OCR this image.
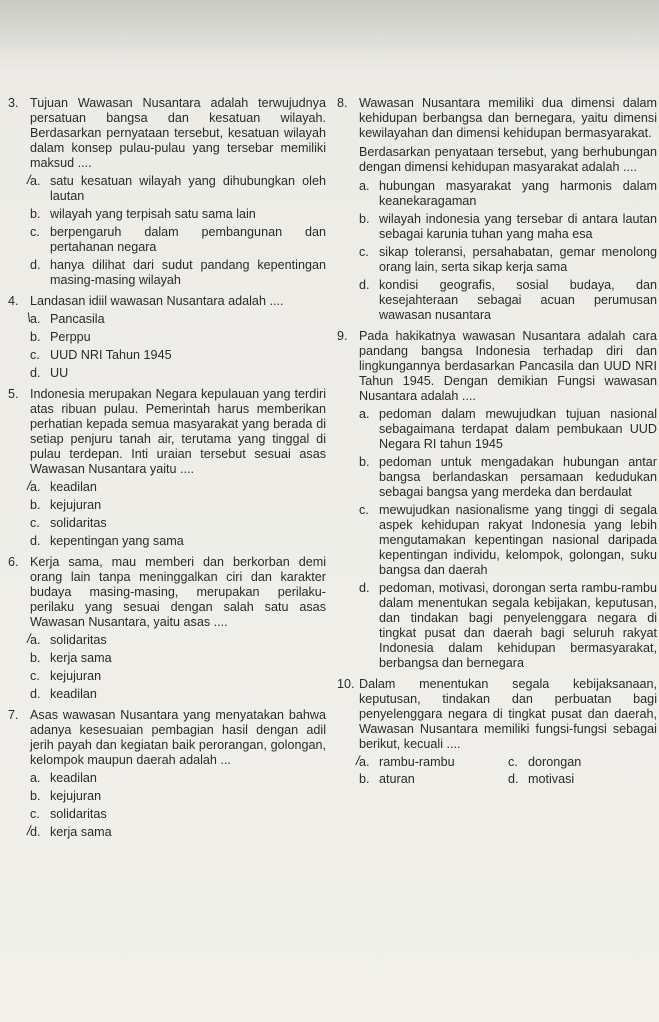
3. Tujuan Wawasan Nusantara adalah terwujudnya persatuan bangsa dan kesatuan wilayah. Berdasarkan pernyataan tersebut, kesatuan wilayah dalam konsep pulau-pulau yang tersebar memiliki maksud ....
a.
/ satu kesatuan wilayah yang dihubungkan oleh lautan
b. wilayah yang terpisah satu sama lain
c. berpengaruh dalam pembangunan dan pertahanan negara
d. hanya dilihat dari sudut pandang kepentingan masing-masing wilayah
4. Landasan idiil wawasan Nusantara adalah ....
a.
\ Pancasila
b. Perppu
c. UUD NRI Tahun 1945
d. UU
5. Indonesia merupakan Negara kepulauan yang terdiri atas ribuan pulau. Pemerintah harus memberikan perhatian kepada semua masyarakat yang berada di setiap penjuru tanah air, terutama yang tinggal di pulau terdepan. Inti uraian tersebut sesuai asas Wawasan Nusantara yaitu ....
a.
/ keadilan
b. kejujuran
c. solidaritas
d. kepentingan yang sama
6. Kerja sama, mau memberi dan berkorban demi orang lain tanpa meninggalkan ciri dan karakter budaya masing-masing, merupakan perilaku-perilaku yang sesuai dengan salah satu asas Wawasan Nusantara, yaitu asas ....
a.
/ solidaritas
b. kerja sama
c. kejujuran
d. keadilan
7. Asas wawasan Nusantara yang menyatakan bahwa adanya kesesuaian pembagian hasil dengan adil jerih payah dan kegiatan baik perorangan, golongan, kelompok maupun daerah adalah ...
a. keadilan
b. kejujuran
c. solidaritas
d.
/ kerja sama
8. Wawasan Nusantara memiliki dua dimensi dalam kehidupan berbangsa dan bernegara, yaitu dimensi kewilayahan dan dimensi kehidupan bermasyarakat.
Berdasarkan penyataan tersebut, yang berhubungan dengan dimensi kehidupan masyarakat adalah ....
a. hubungan masyarakat yang harmonis dalam keanekaragaman
b. wilayah indonesia yang tersebar di antara lautan sebagai karunia tuhan yang maha esa
c. sikap toleransi, persahabatan, gemar menolong orang lain, serta sikap kerja sama
d. kondisi geografis, sosial budaya, dan kesejahteraan sebagai acuan perumusan wawasan nusantara
9. Pada hakikatnya wawasan Nusantara adalah cara pandang bangsa Indonesia terhadap diri dan lingkungannya berdasarkan Pancasila dan UUD NRI Tahun 1945. Dengan demikian Fungsi wawasan Nusantara adalah ....
a. pedoman dalam mewujudkan tujuan nasional sebagaimana terdapat dalam pembukaan UUD Negara RI tahun 1945
b. pedoman untuk mengadakan hubungan antar bangsa berlandaskan persamaan kedudukan sebagai bangsa yang merdeka dan berdaulat
c. mewujudkan nasionalisme yang tinggi di segala aspek kehidupan rakyat Indonesia yang lebih mengutamakan kepentingan nasional daripada kepentingan individu, kelompok, golongan, suku bangsa dan daerah
d. pedoman, motivasi, dorongan serta rambu-rambu dalam menentukan segala kebijakan, keputusan, dan tindakan bagi penyelenggara negara di tingkat pusat dan daerah bagi seluruh rakyat Indonesia dalam kehidupan bermasyarakat, berbangsa dan bernegara
10. Dalam menentukan segala kebijaksanaan, keputusan, tindakan dan perbuatan bagi penyelenggara negara di tingkat pusat dan daerah, Wawasan Nusantara memiliki fungsi-fungsi sebagai berikut, kecuali ....
a.
/ rambu-rambu	c. dorongan
b. aturan	d. motivasi
